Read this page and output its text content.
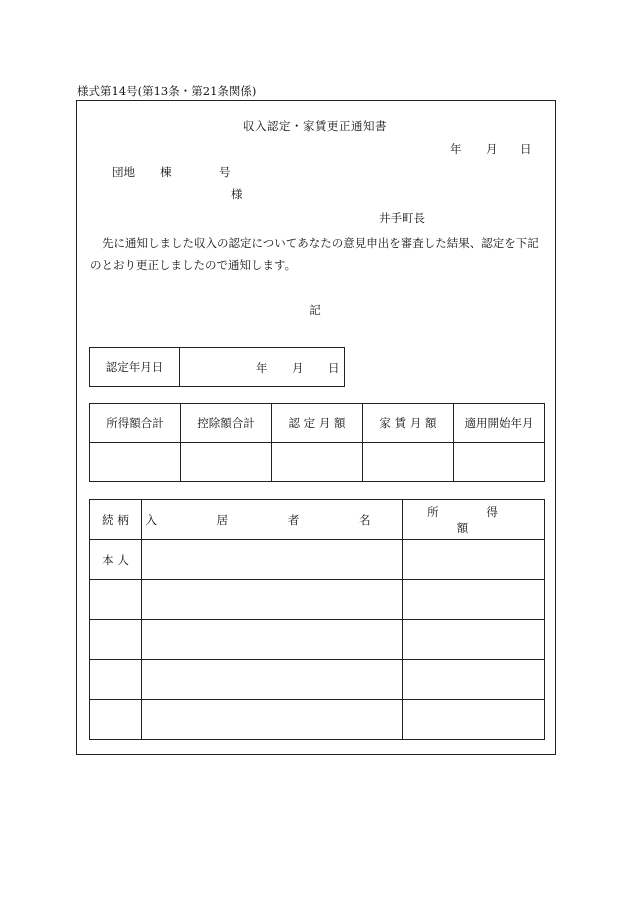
様式第14号(第13条・第21条関係)
収入認定・家賃更正通知書
年 月 日
団地 棟	号
様
井手町長
先に通知しました収入の認定についてあなたの意見申出を審査した結果、認定を下記のとおり更正しましたので通知します。
記
認定年月日	年 月 日
所得額合計	控除額合計	認 定 月 額	家 賃 月 額	適用開始年月

続 柄	入 居 者 名	所 得 額
本 人		
